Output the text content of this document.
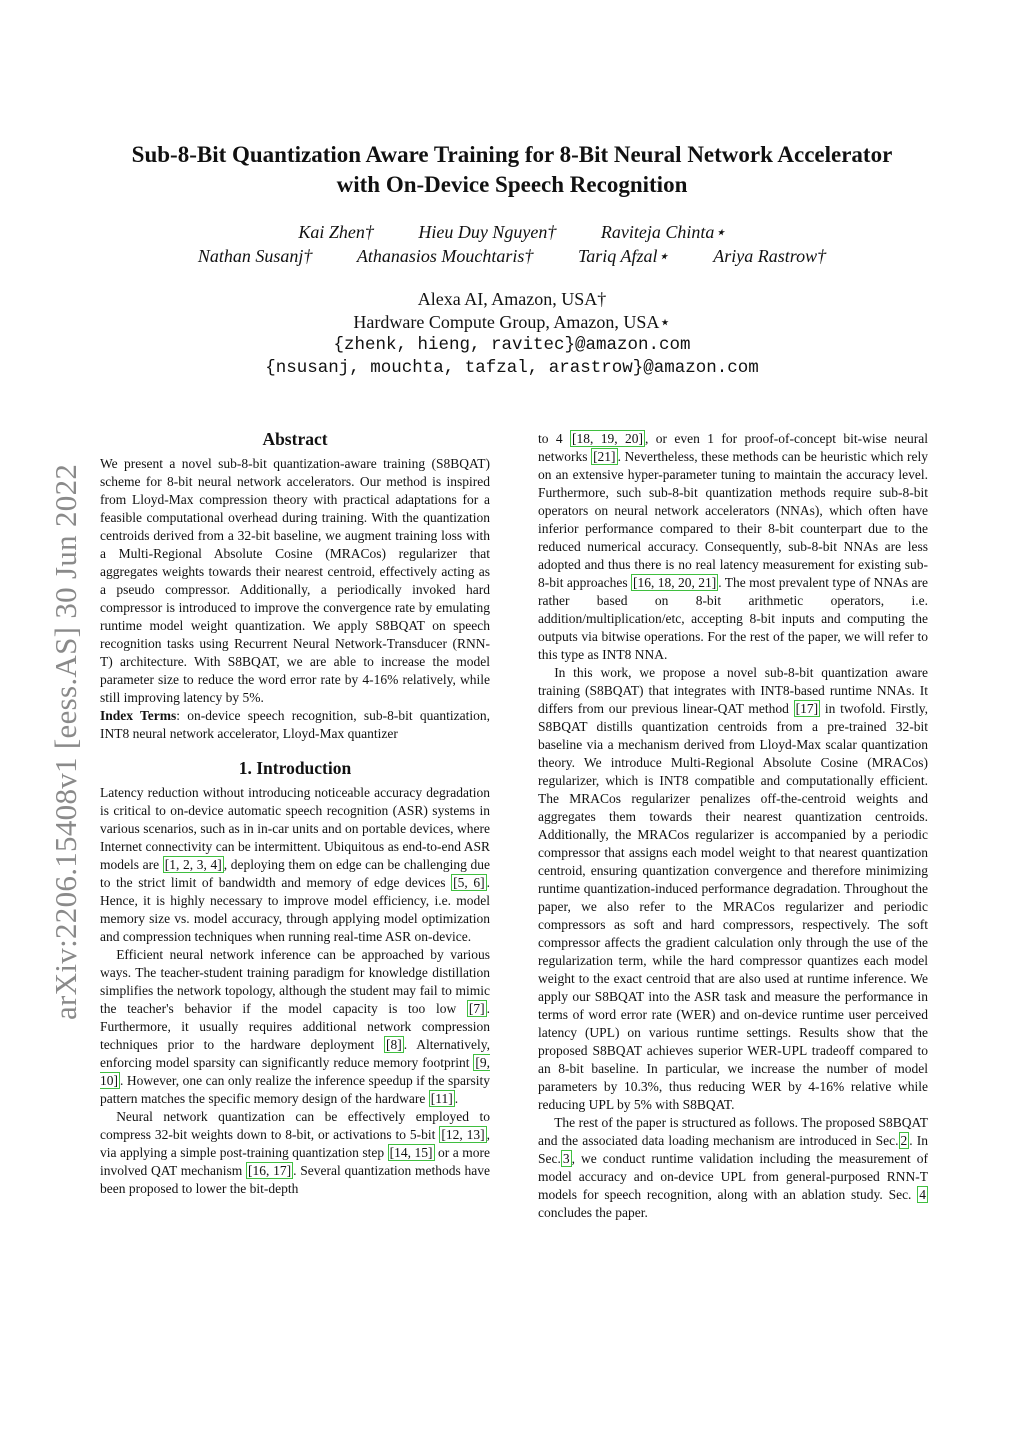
arXiv:2206.15408v1 [eess.AS] 30 Jun 2022
Sub-8-Bit Quantization Aware Training for 8-Bit Neural Network Accelerator
with On-Device Speech Recognition
Kai Zhen† Hieu Duy Nguyen† Raviteja Chinta⋆
Nathan Susanj† Athanasios Mouchtaris† Tariq Afzal⋆ Ariya Rastrow†
Alexa AI, Amazon, USA†
Hardware Compute Group, Amazon, USA⋆
{zhenk, hieng, ravitec}@amazon.com
{nsusanj, mouchta, tafzal, arastrow}@amazon.com
Abstract

We present a novel sub-8-bit quantization-aware training (S8BQAT) scheme for 8-bit neural network accelerators. Our method is inspired from Lloyd-Max compression theory with practical adaptations for a feasible computational overhead during training. With the quantization centroids derived from a 32-bit baseline, we augment training loss with a Multi-Regional Absolute Cosine (MRACos) regularizer that aggregates weights towards their nearest centroid, effectively acting as a pseudo compressor. Additionally, a periodically invoked hard compressor is introduced to improve the convergence rate by emulating runtime model weight quantization. We apply S8BQAT on speech recognition tasks using Recurrent Neural Network-Transducer (RNN-T) architecture. With S8BQAT, we are able to increase the model parameter size to reduce the word error rate by 4-16% relatively, while still improving latency by 5%.

Index Terms: on-device speech recognition, sub-8-bit quantization, INT8 neural network accelerator, Lloyd-Max quantizer

1. Introduction

Latency reduction without introducing noticeable accuracy degradation is critical to on-device automatic speech recognition (ASR) systems in various scenarios, such as in in-car units and on portable devices, where Internet connectivity can be intermittent. Ubiquitous as end-to-end ASR models are [1, 2, 3, 4] , deploying them on edge can be challenging due to the strict limit of bandwidth and memory of edge devices [5, 6] . Hence, it is highly necessary to improve model efficiency, i.e. model memory size vs. model accuracy, through applying model optimization and compression techniques when running real-time ASR on-device.

Efficient neural network inference can be approached by various ways. The teacher-student training paradigm for knowledge distillation simplifies the network topology, although the student may fail to mimic the teacher's behavior if the model capacity is too low [7] . Furthermore, it usually requires additional network compression techniques prior to the hardware deployment [8] . Alternatively, enforcing model sparsity can significantly reduce memory footprint [9, 10] . However, one can only realize the inference speedup if the sparsity pattern matches the specific memory design of the hardware [11] .

Neural network quantization can be effectively employed to compress 32-bit weights down to 8-bit, or activations to 5-bit [12, 13] , via applying a simple post-training quantization step [14, 15] or a more involved QAT mechanism [16, 17] . Several quantization methods have been proposed to lower the bit-depth

to 4 [18, 19, 20] , or even 1 for proof-of-concept bit-wise neural networks [21] . Nevertheless, these methods can be heuristic which rely on an extensive hyper-parameter tuning to maintain the accuracy level. Furthermore, such sub-8-bit quantization methods require sub-8-bit operators on neural network accelerators (NNAs), which often have inferior performance compared to their 8-bit counterpart due to the reduced numerical accuracy. Consequently, sub-8-bit NNAs are less adopted and thus there is no real latency measurement for existing sub-8-bit approaches [16, 18, 20, 21] . The most prevalent type of NNAs are rather based on 8-bit arithmetic operators, i.e. addition/multiplication/etc, accepting 8-bit inputs and computing the outputs via bitwise operations. For the rest of the paper, we will refer to this type as INT8 NNA.

In this work, we propose a novel sub-8-bit quantization aware training (S8BQAT) that integrates with INT8-based runtime NNAs. It differs from our previous linear-QAT method [17] in twofold. Firstly, S8BQAT distills quantization centroids from a pre-trained 32-bit baseline via a mechanism derived from Lloyd-Max scalar quantization theory. We introduce Multi-Regional Absolute Cosine (MRACos) regularizer, which is INT8 compatible and computationally efficient. The MRACos regularizer penalizes off-the-centroid weights and aggregates them towards their nearest quantization centroids. Additionally, the MRACos regularizer is accompanied by a periodic compressor that assigns each model weight to that nearest quantization centroid, ensuring quantization convergence and therefore minimizing runtime quantization-induced performance degradation. Throughout the paper, we also refer to the MRACos regularizer and periodic compressors as soft and hard compressors, respectively. The soft compressor affects the gradient calculation only through the use of the regularization term, while the hard compressor quantizes each model weight to the exact centroid that are also used at runtime inference. We apply our S8BQAT into the ASR task and measure the performance in terms of word error rate (WER) and on-device runtime user perceived latency (UPL) on various runtime settings. Results show that the proposed S8BQAT achieves superior WER-UPL tradeoff compared to an 8-bit baseline. In particular, we increase the number of model parameters by 10.3%, thus reducing WER by 4-16% relative while reducing UPL by 5% with S8BQAT.

The rest of the paper is structured as follows. The proposed S8BQAT and the associated data loading mechanism are introduced in Sec. 2 . In Sec. 3 , we conduct runtime validation including the measurement of model accuracy and on-device UPL from general-purposed RNN-T models for speech recognition, along with an ablation study. Sec. 4 concludes the paper.
